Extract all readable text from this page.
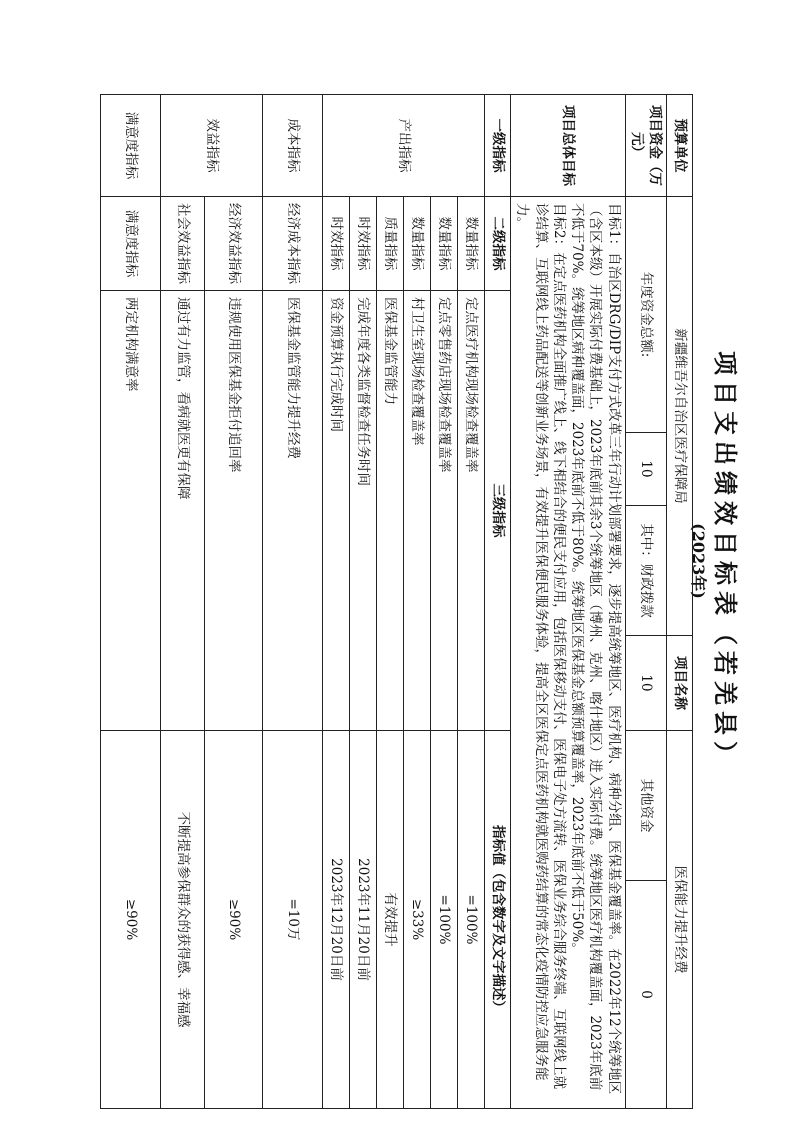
项目支出绩效目标表（若羌县）
(2023年)
预算单位	新疆维吾尔自治区医疗保障局				项目名称	医保能力提升经费	
项目资金（万元）	年度资金总额:		10	其中：财政拨款	10	其他资金	0
项目总体目标	目标1：自治区DRG/DIP支付方式改革三年行动计划部署要求，逐步提高统筹地区、医疗机构、病种分组、医保基金覆盖率。在2022年12个统筹地区（含区本级）开展实际付费基础上，2023年底前其余3个统筹地区（博州、克州、喀什地区）进入实际付费。统筹地区医疗机构覆盖面，2023年底前不低于70%。统筹地区病种覆盖面，2023年底前不低于80%。统筹地区医保基金总额预算覆盖率，2023年底前不低于50%。
目标2：在定点医药机构全面推广线上、线下相结合的便民支付应用，包括医保移动支付、医保电子处方流转、医保业务综合服务终端、互联网线上就诊结算、互联网线上药品配送等创新业务场景，有效提升医保便民服务体验，提高全区医保定点医药机构就医购药结算的常态化疫情防控应急服务能力。						

一级指标	二级指标	三级指标				指标值（包含数字及文字描述）	
产出指标	数量指标	定点医疗机构现场检查覆盖率				=100%	
	数量指标	定点零售药店现场检查覆盖率				=100%	
	数量指标	村卫生室现场检查覆盖率				≥33%	
	质量指标	医保基金监管能力				有效提升	
	时效指标	完成年度各类监督检查任务时间				2023年11月20日前	
	时效指标	资金预算执行完成时间				2023年12月20日前	
成本指标	经济成本指标	医保基金监管能力提升经费				=10万	
效益指标	经济效益指标	违规使用医保基金拒付追回率				≥90%	
	社会效益指标	通过有力监管，看病就医更有保障				不断提高参保群众的获得感、幸福感	
满意度指标	满意度指标	两定机构满意率				≥90%	
